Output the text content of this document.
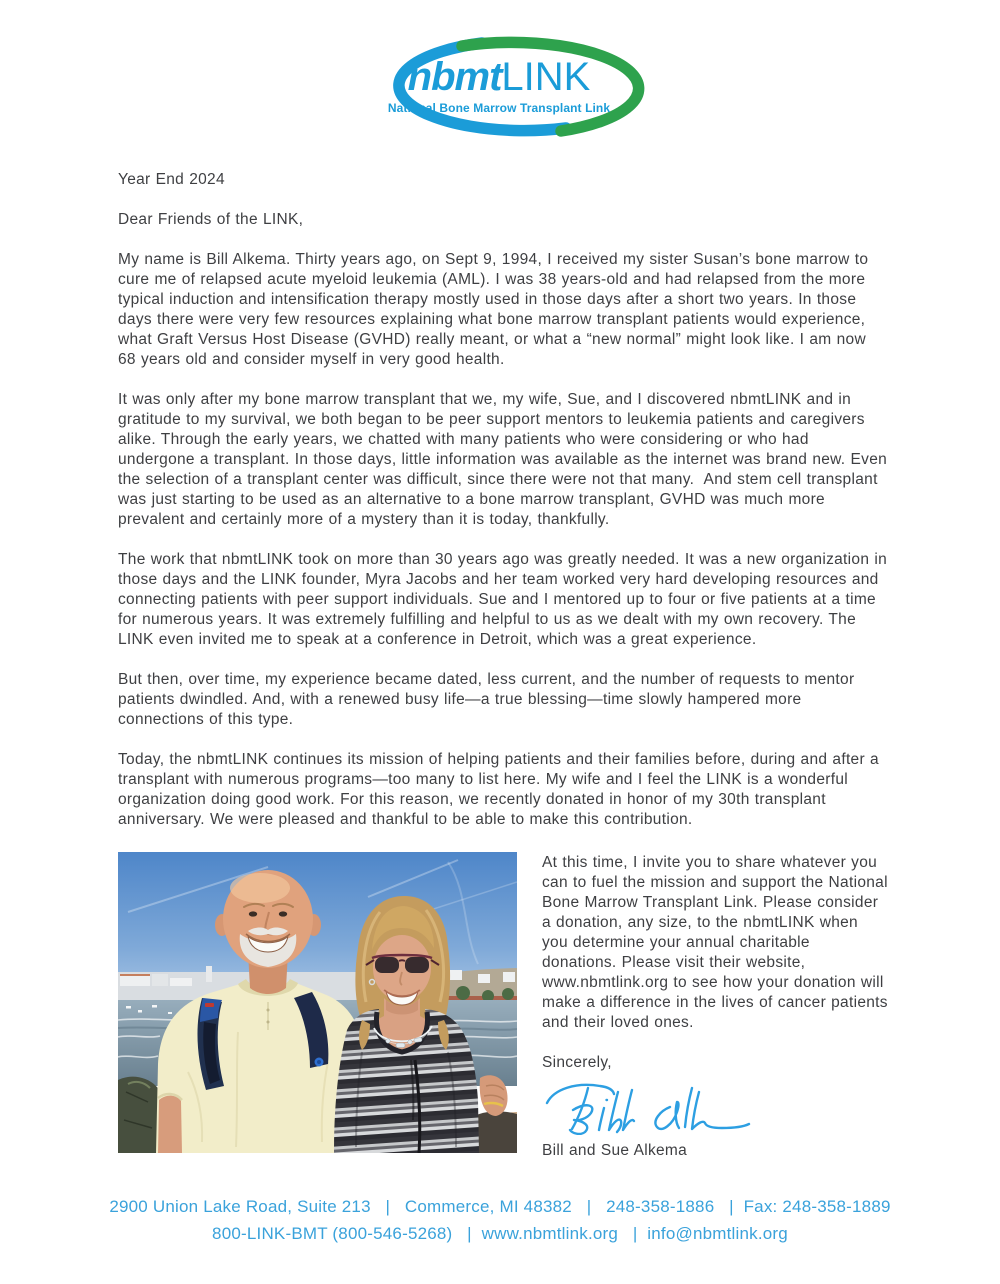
nbmtLINK
National Bone Marrow Transplant Link

Year End 2024

Dear Friends of the LINK,

My name is Bill Alkema. Thirty years ago, on Sept 9, 1994, I received my sister Susan’s bone marrow to cure me of relapsed acute myeloid leukemia (AML). I was 38 years-old and had relapsed from the more typical induction and intensification therapy mostly used in those days after a short two years. In those days there were very few resources explaining what bone marrow transplant patients would experience, what Graft Versus Host Disease (GVHD) really meant, or what a “new normal” might look like. I am now 68 years old and consider myself in very good health.

It was only after my bone marrow transplant that we, my wife, Sue, and I discovered nbmtLINK and in gratitude to my survival, we both began to be peer support mentors to leukemia patients and caregivers alike. Through the early years, we chatted with many patients who were considering or who had undergone a transplant. In those days, little information was available as the internet was brand new. Even the selection of a transplant center was difficult, since there were not that many.  And stem cell transplant was just starting to be used as an alternative to a bone marrow transplant, GVHD was much more prevalent and certainly more of a mystery than it is today, thankfully.

The work that nbmtLINK took on more than 30 years ago was greatly needed. It was a new organization in those days and the LINK founder, Myra Jacobs and her team worked very hard developing resources and connecting patients with peer support individuals. Sue and I mentored up to four or five patients at a time for numerous years. It was extremely fulfilling and helpful to us as we dealt with my own recovery. The LINK even invited me to speak at a conference in Detroit, which was a great experience.

But then, over time, my experience became dated, less current, and the number of requests to mentor patients dwindled. And, with a renewed busy life—a true blessing—time slowly hampered more connections of this type.

Today, the nbmtLINK continues its mission of helping patients and their families before, during and after a transplant with numerous programs—too many to list here. My wife and I feel the LINK is a wonderful organization doing good work. For this reason, we recently donated in honor of my 30th transplant anniversary. We were pleased and thankful to be able to make this contribution.

At this time, I invite you to share whatever you can to fuel the mission and support the National Bone Marrow Transplant Link. Please consider a donation, any size, to the nbmtLINK when you determine your annual charitable donations. Please visit their website, www.nbmtlink.org to see how your donation will make a difference in the lives of cancer patients and their loved ones.

Sincerely,

Bill and Sue Alkema

2900 Union Lake Road, Suite 213   |   Commerce, MI 48382   |   248-358-1886   |  Fax: 248-358-1889
800-LINK-BMT (800-546-5268)   |  www.nbmtlink.org   |  info@nbmtlink.org
